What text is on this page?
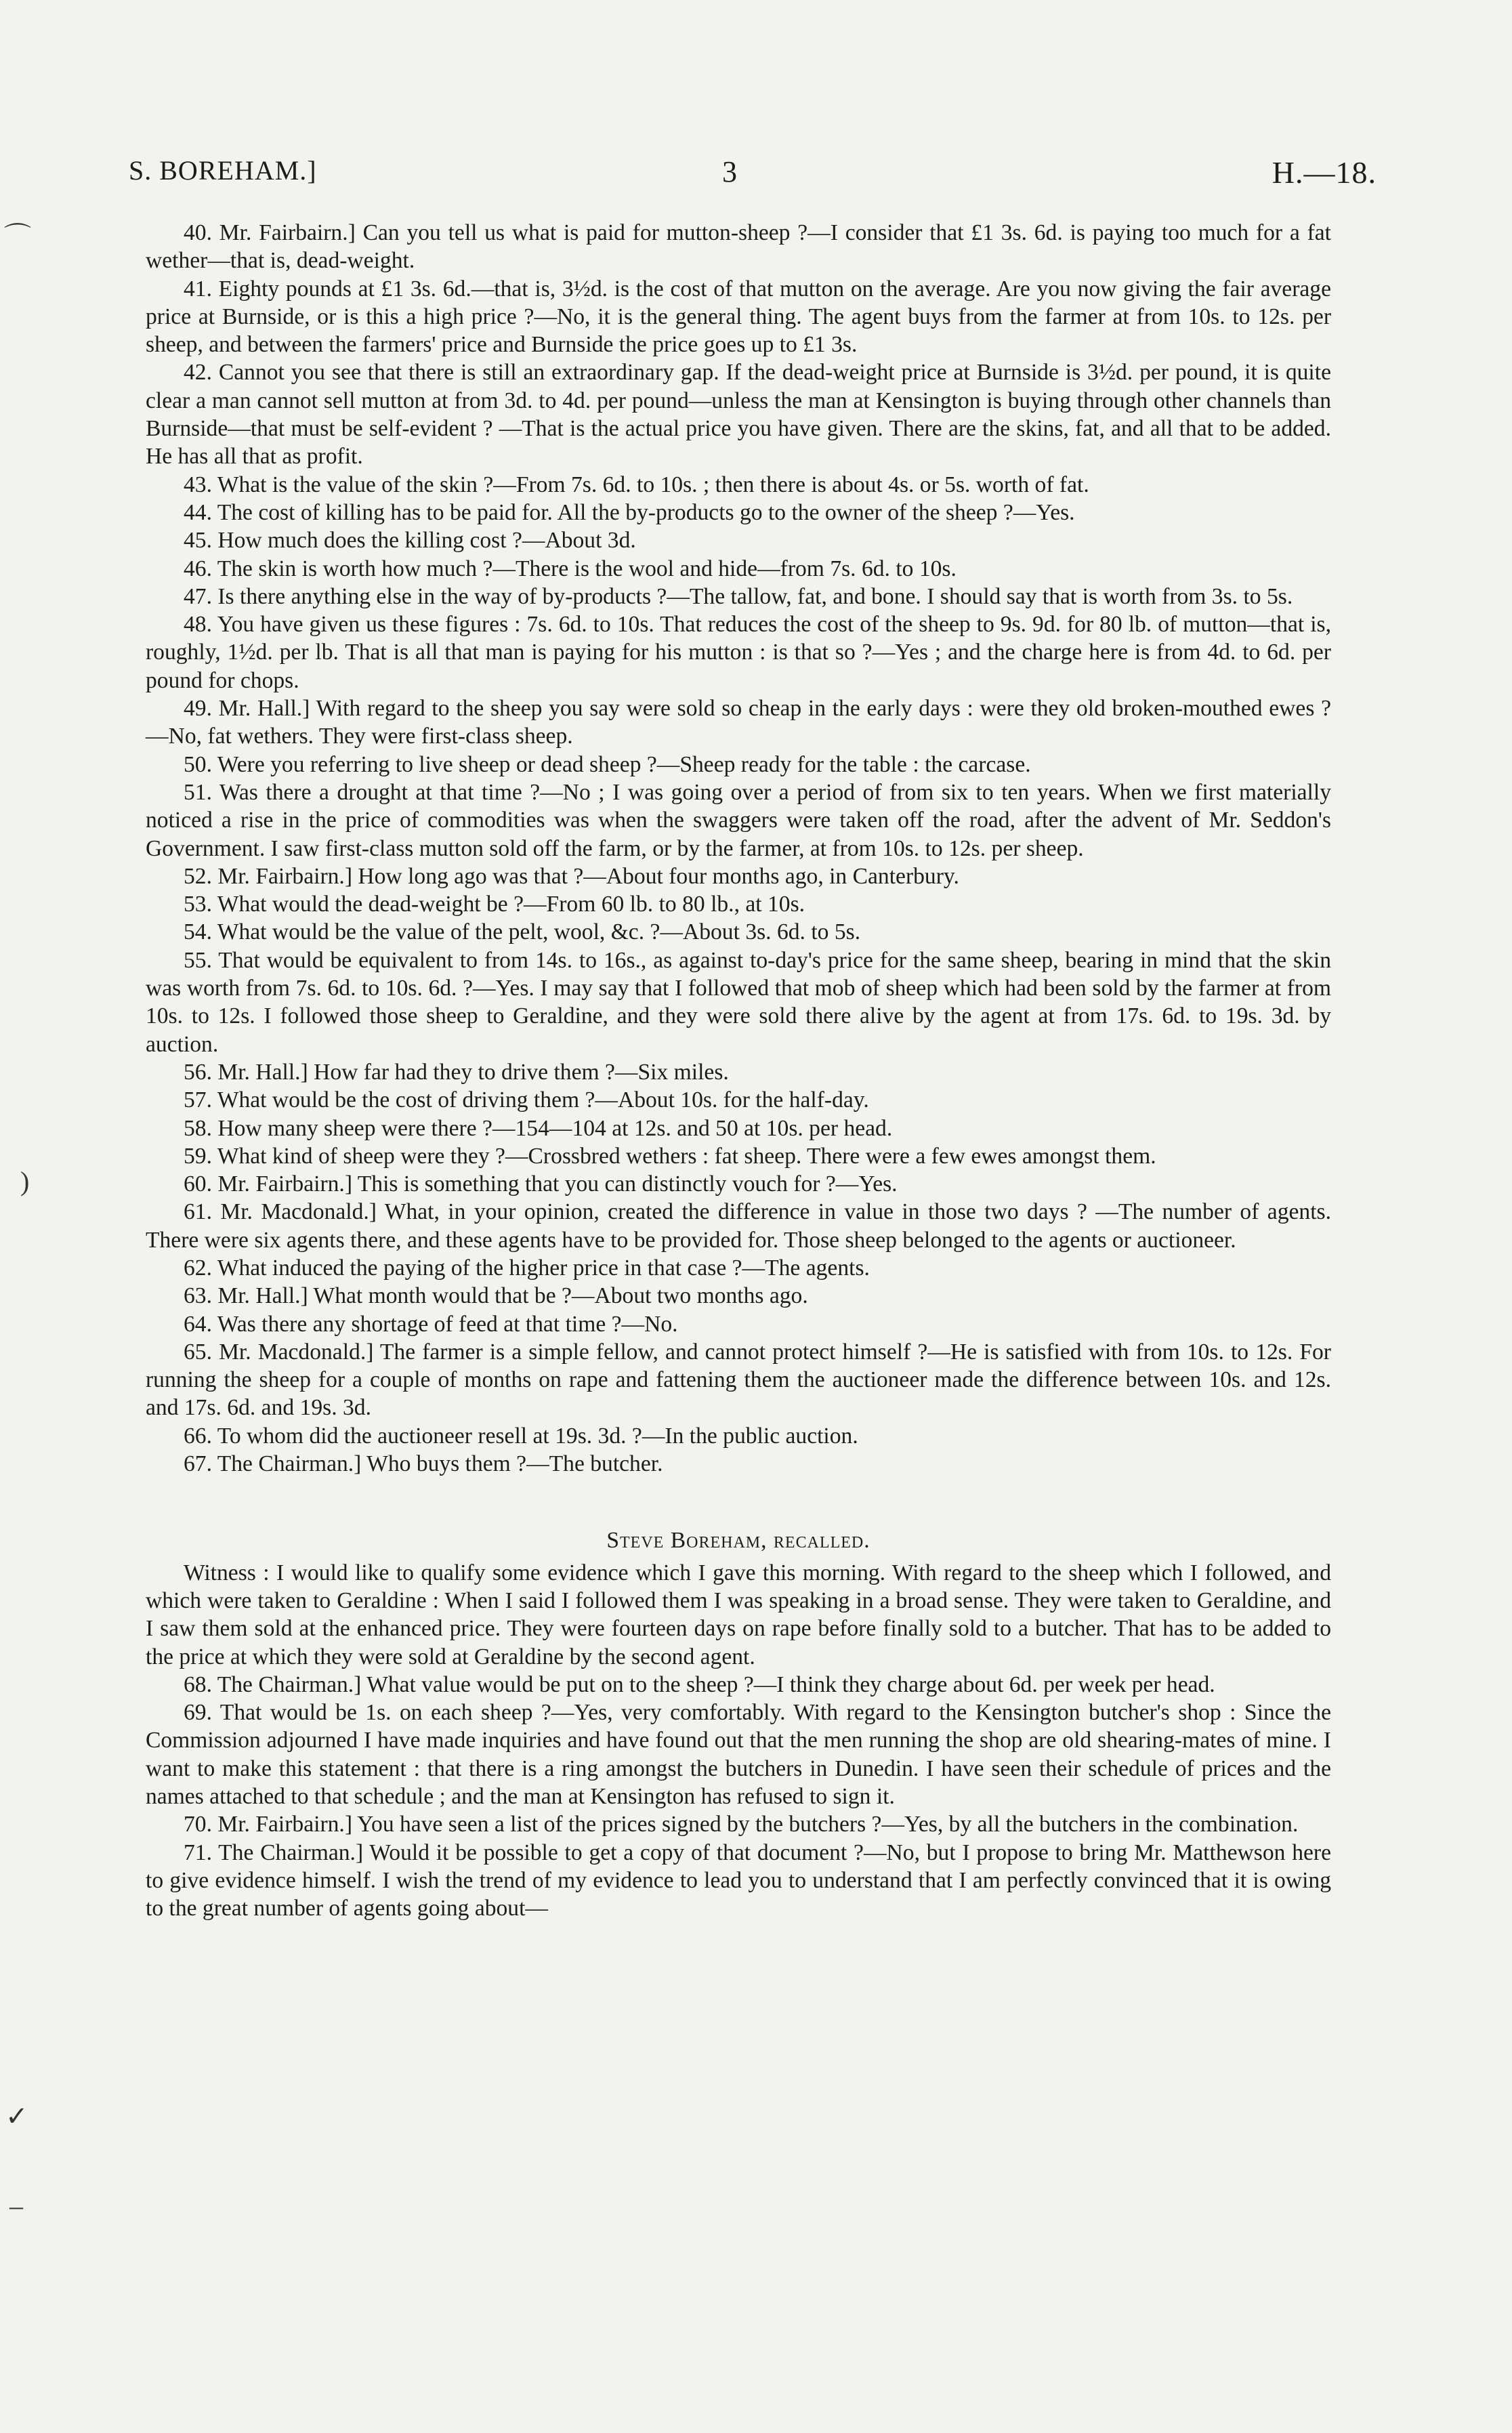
S. BOREHAM.]	3	H.—18.
⌒
)
✓
–

40. Mr. Fairbairn.] Can you tell us what is paid for mutton-sheep ?—I consider that £1 3s. 6d. is paying too much for a fat wether—that is, dead-weight.

41. Eighty pounds at £1 3s. 6d.—that is, 3½d. is the cost of that mutton on the average. Are you now giving the fair average price at Burnside, or is this a high price ?—No, it is the general thing. The agent buys from the farmer at from 10s. to 12s. per sheep, and between the farmers' price and Burnside the price goes up to £1 3s.

42. Cannot you see that there is still an extraordinary gap. If the dead-weight price at Burnside is 3½d. per pound, it is quite clear a man cannot sell mutton at from 3d. to 4d. per pound—unless the man at Kensington is buying through other channels than Burnside—that must be self-evident ? —That is the actual price you have given. There are the skins, fat, and all that to be added. He has all that as profit.

43. What is the value of the skin ?—From 7s. 6d. to 10s. ; then there is about 4s. or 5s. worth of fat.

44. The cost of killing has to be paid for. All the by-products go to the owner of the sheep ?—Yes.

45. How much does the killing cost ?—About 3d.

46. The skin is worth how much ?—There is the wool and hide—from 7s. 6d. to 10s.

47. Is there anything else in the way of by-products ?—The tallow, fat, and bone. I should say that is worth from 3s. to 5s.

48. You have given us these figures : 7s. 6d. to 10s. That reduces the cost of the sheep to 9s. 9d. for 80 lb. of mutton—that is, roughly, 1½d. per lb. That is all that man is paying for his mutton : is that so ?—Yes ; and the charge here is from 4d. to 6d. per pound for chops.

49. Mr. Hall.] With regard to the sheep you say were sold so cheap in the early days : were they old broken-mouthed ewes ?—No, fat wethers. They were first-class sheep.

50. Were you referring to live sheep or dead sheep ?—Sheep ready for the table : the carcase.

51. Was there a drought at that time ?—No ; I was going over a period of from six to ten years. When we first materially noticed a rise in the price of commodities was when the swaggers were taken off the road, after the advent of Mr. Seddon's Government. I saw first-class mutton sold off the farm, or by the farmer, at from 10s. to 12s. per sheep.

52. Mr. Fairbairn.] How long ago was that ?—About four months ago, in Canterbury.

53. What would the dead-weight be ?—From 60 lb. to 80 lb., at 10s.

54. What would be the value of the pelt, wool, &c. ?—About 3s. 6d. to 5s.

55. That would be equivalent to from 14s. to 16s., as against to-day's price for the same sheep, bearing in mind that the skin was worth from 7s. 6d. to 10s. 6d. ?—Yes. I may say that I followed that mob of sheep which had been sold by the farmer at from 10s. to 12s. I followed those sheep to Geraldine, and they were sold there alive by the agent at from 17s. 6d. to 19s. 3d. by auction.

56. Mr. Hall.] How far had they to drive them ?—Six miles.

57. What would be the cost of driving them ?—About 10s. for the half-day.

58. How many sheep were there ?—154—104 at 12s. and 50 at 10s. per head.

59. What kind of sheep were they ?—Crossbred wethers : fat sheep. There were a few ewes amongst them.

60. Mr. Fairbairn.] This is something that you can distinctly vouch for ?—Yes.

61. Mr. Macdonald.] What, in your opinion, created the difference in value in those two days ? —The number of agents. There were six agents there, and these agents have to be provided for. Those sheep belonged to the agents or auctioneer.

62. What induced the paying of the higher price in that case ?—The agents.

63. Mr. Hall.] What month would that be ?—About two months ago.

64. Was there any shortage of feed at that time ?—No.

65. Mr. Macdonald.] The farmer is a simple fellow, and cannot protect himself ?—He is satisfied with from 10s. to 12s. For running the sheep for a couple of months on rape and fattening them the auctioneer made the difference between 10s. and 12s. and 17s. 6d. and 19s. 3d.

66. To whom did the auctioneer resell at 19s. 3d. ?—In the public auction.

67. The Chairman.] Who buys them ?—The butcher.

Steve Boreham, recalled.

Witness : I would like to qualify some evidence which I gave this morning. With regard to the sheep which I followed, and which were taken to Geraldine : When I said I followed them I was speaking in a broad sense. They were taken to Geraldine, and I saw them sold at the enhanced price. They were fourteen days on rape before finally sold to a butcher. That has to be added to the price at which they were sold at Geraldine by the second agent.

68. The Chairman.] What value would be put on to the sheep ?—I think they charge about 6d. per week per head.

69. That would be 1s. on each sheep ?—Yes, very comfortably. With regard to the Kensington butcher's shop : Since the Commission adjourned I have made inquiries and have found out that the men running the shop are old shearing-mates of mine. I want to make this statement : that there is a ring amongst the butchers in Dunedin. I have seen their schedule of prices and the names attached to that schedule ; and the man at Kensington has refused to sign it.

70. Mr. Fairbairn.] You have seen a list of the prices signed by the butchers ?—Yes, by all the butchers in the combination.

71. The Chairman.] Would it be possible to get a copy of that document ?—No, but I propose to bring Mr. Matthewson here to give evidence himself. I wish the trend of my evidence to lead you to understand that I am perfectly convinced that it is owing to the great number of agents going about—
